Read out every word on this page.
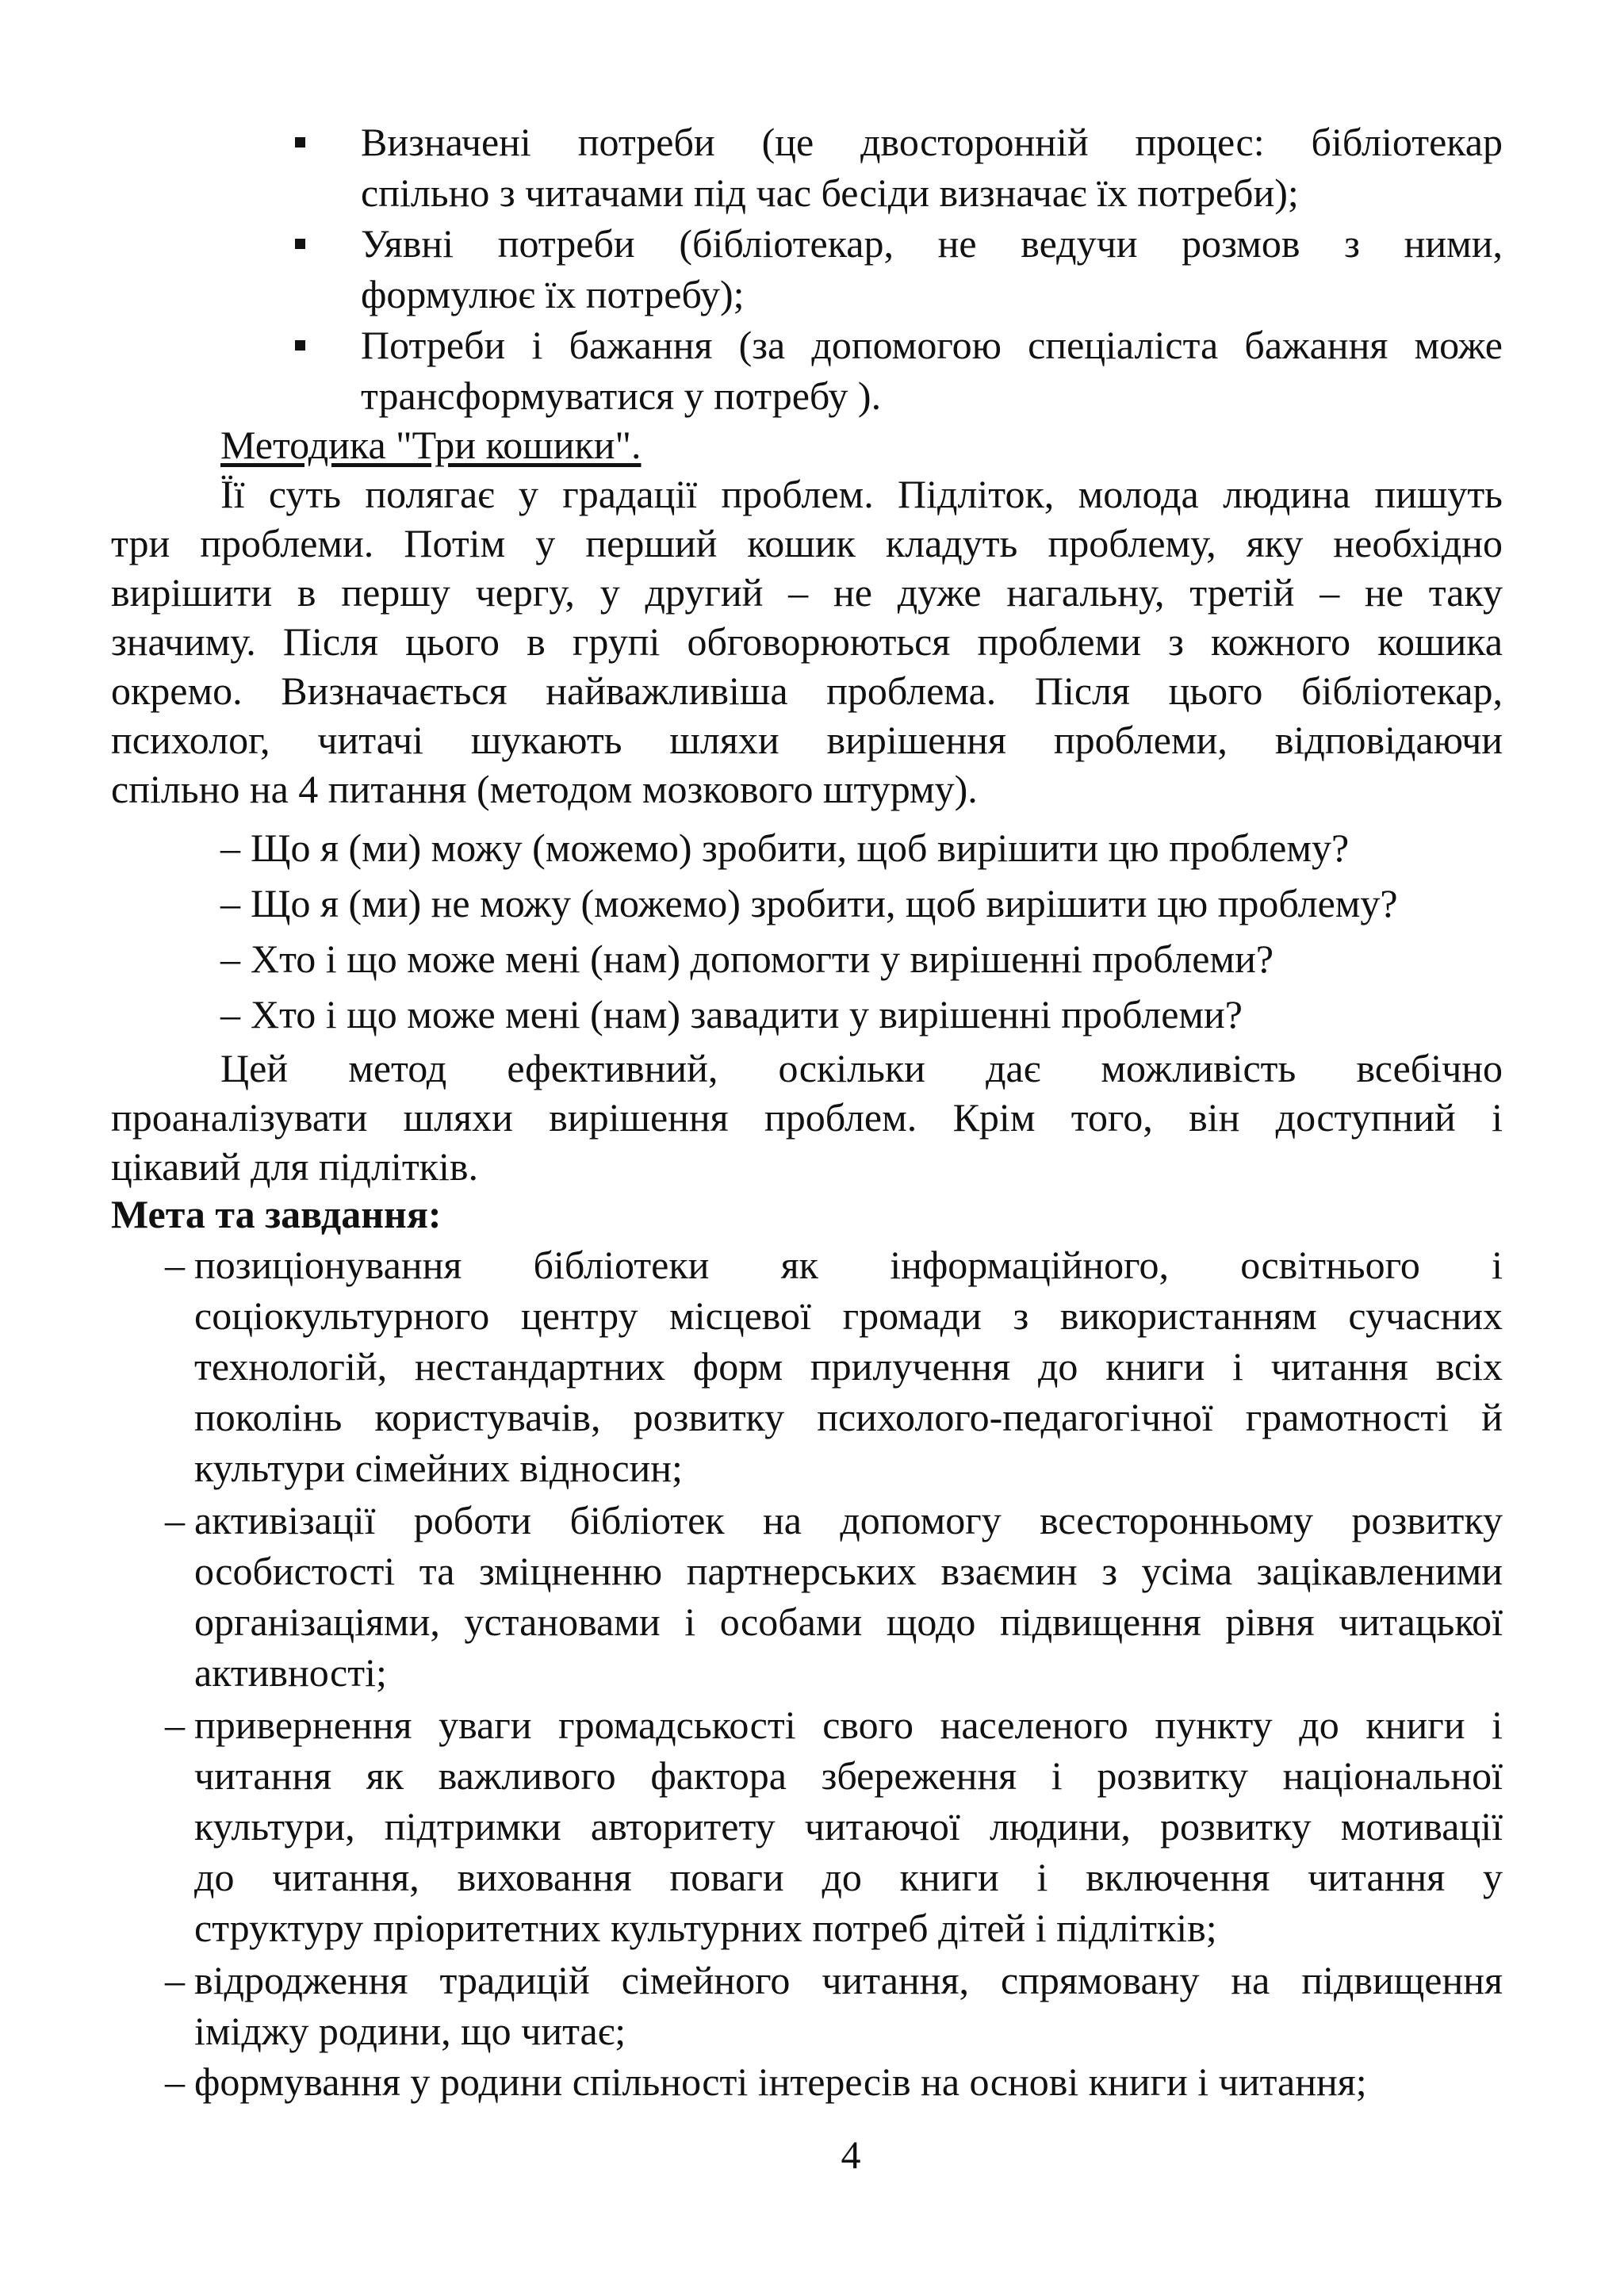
Визначені потреби (це двосторонній процес: бібліотекар
спільно з читачами під час бесіди визначає їх потреби);
Уявні потреби (бібліотекар, не ведучи розмов з ними,
формулює їх потребу);
Потреби і бажання (за допомогою спеціаліста бажання може
трансформуватися у потребу ).
Методика "Три кошики".
Її суть полягає у градації проблем. Підліток, молода людина пишуть
три проблеми. Потім у перший кошик кладуть проблему, яку необхідно
вирішити в першу чергу, у другий – не дуже нагальну, третій – не таку
значиму. Після цього в групі обговорюються проблеми з кожного кошика
окремо. Визначається найважливіша проблема. Після цього бібліотекар,
психолог, читачі шукають шляхи вирішення проблеми, відповідаючи
спільно на 4 питання (методом мозкового штурму).
– Що я (ми) можу (можемо) зробити, щоб вирішити цю проблему?
– Що я (ми) не можу (можемо) зробити, щоб вирішити цю проблему?
– Хто і що може мені (нам) допомогти у вирішенні проблеми?
– Хто і що може мені (нам) завадити у вирішенні проблеми?
Цей метод ефективний, оскільки дає можливість всебічно
проаналізувати шляхи вирішення проблем. Крім того, він доступний і
цікавий для підлітків.
Мета та завдання:
– позиціонування бібліотеки як інформаційного, освітнього і
соціокультурного центру місцевої громади з використанням сучасних
технологій, нестандартних форм прилучення до книги і читання всіх
поколінь користувачів, розвитку психолого-педагогічної грамотності й
культури сімейних відносин;
– активізації роботи бібліотек на допомогу всесторонньому розвитку
особистості та зміцненню партнерських взаємин з усіма зацікавленими
організаціями, установами і особами щодо підвищення рівня читацької
активності;
– привернення уваги громадськості свого населеного пункту до книги і
читання як важливого фактора збереження і розвитку національної
культури, підтримки авторитету читаючої людини, розвитку мотивації
до читання, виховання поваги до книги і включення читання у
структуру пріоритетних культурних потреб дітей і підлітків;
– відродження традицій сімейного читання, спрямовану на підвищення
іміджу родини, що читає;
– формування у родини спільності інтересів на основі книги і читання;
4
